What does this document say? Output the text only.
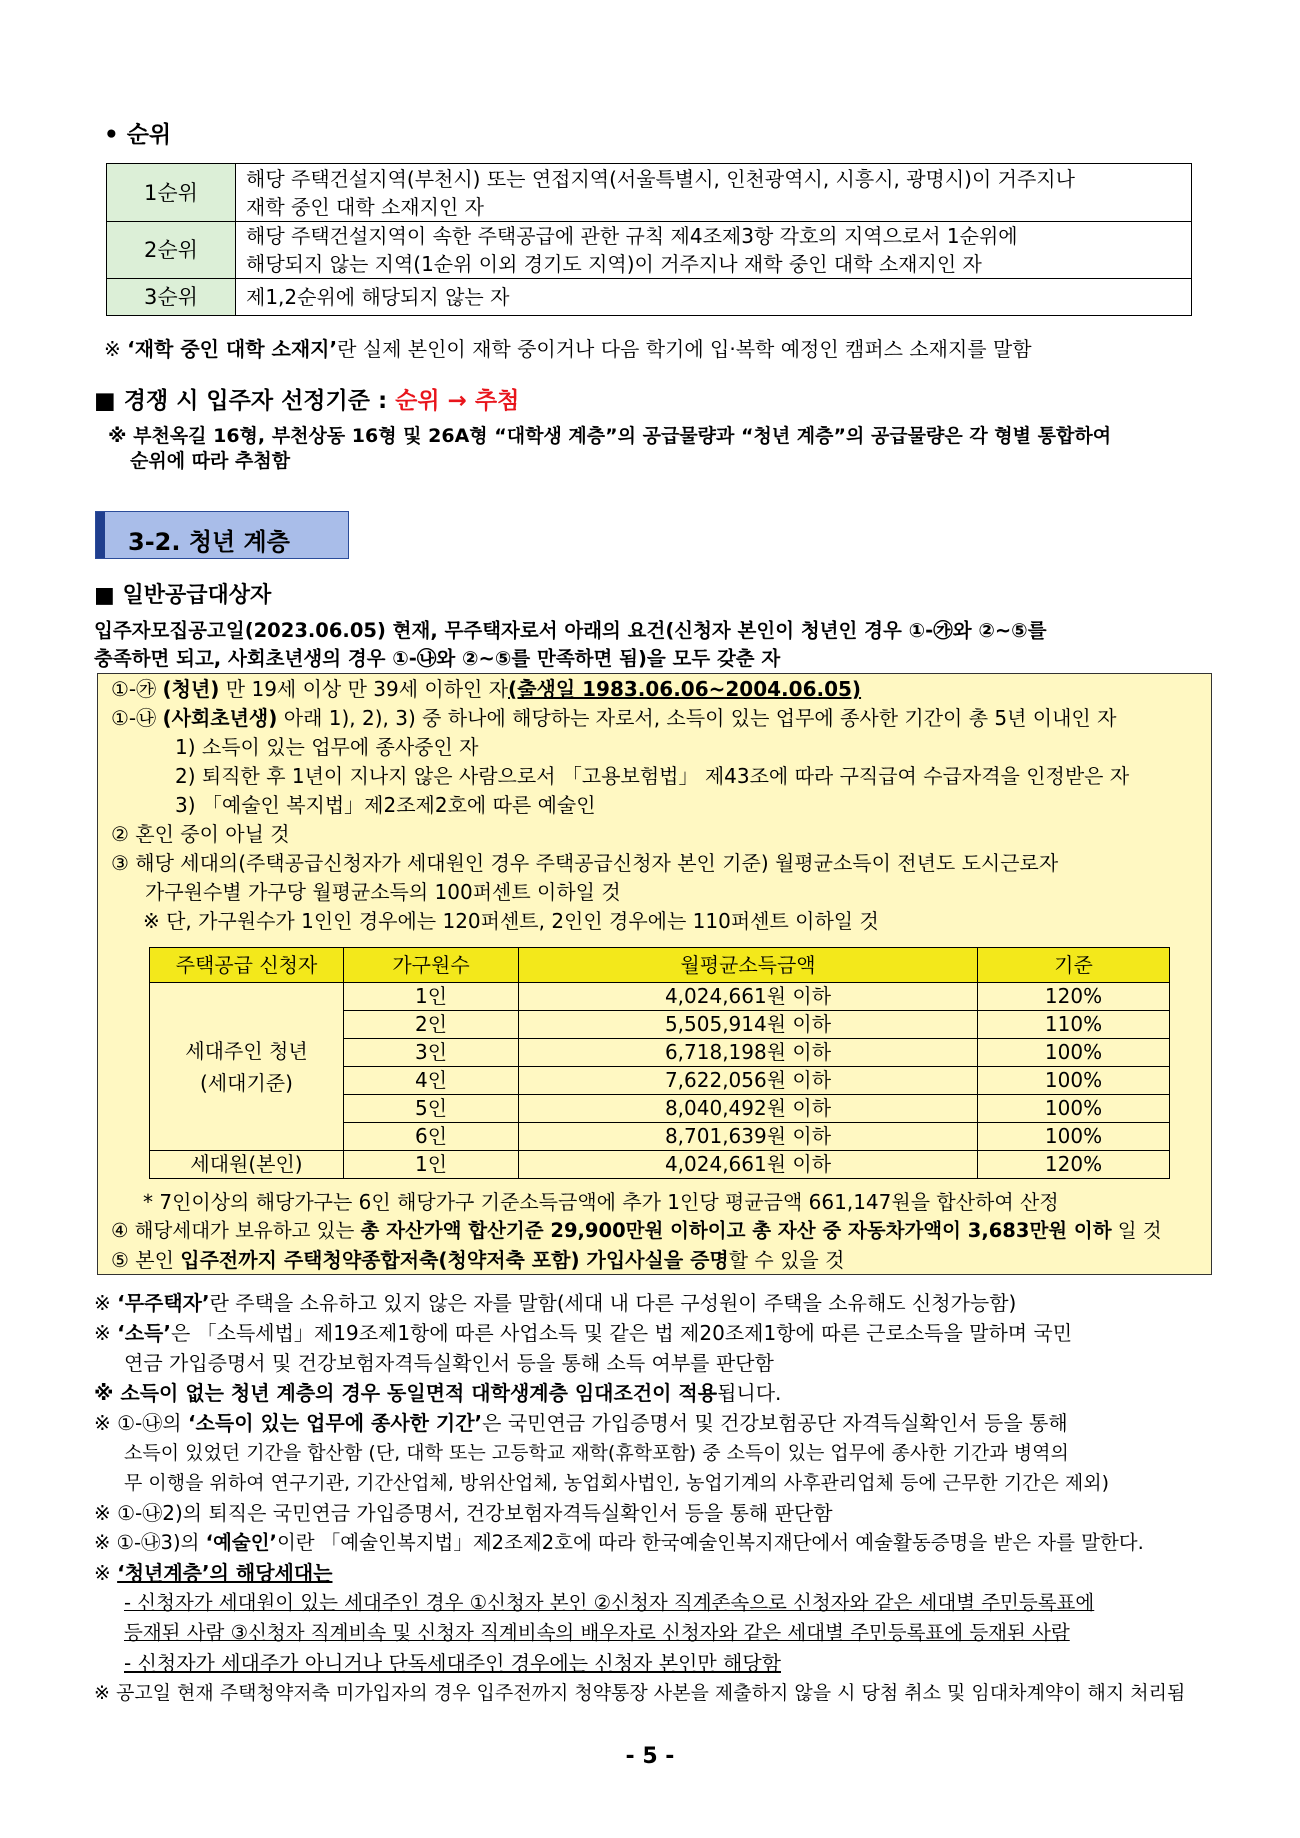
• 순위
1순위	해당 주택건설지역(부천시) 또는 연접지역(서울특별시, 인천광역시, 시흥시, 광명시)이 거주지나
재학 중인 대학 소재지인 자

2순위	해당 주택건설지역이 속한 주택공급에 관한 규칙 제4조제3항 각호의 지역으로서 1순위에
해당되지 않는 지역(1순위 이외 경기도 지역)이 거주지나 재학 중인 대학 소재지인 자

3순위	제1,2순위에 해당되지 않는 자
※ ‘재학 중인 대학 소재지’란 실제 본인이 재학 중이거나 다음 학기에 입·복학 예정인 캠퍼스 소재지를 말함
■ 경쟁 시 입주자 선정기준 : 순위 → 추첨
※ 부천옥길 16형, 부천상동 16형 및 26A형 “대학생 계층”의 공급물량과 “청년 계층”의 공급물량은 각 형별 통합하여
순위에 따라 추첨함
3-2. 청년 계층
■ 일반공급대상자
입주자모집공고일(2023.06.05) 현재, 무주택자로서 아래의 요건(신청자 본인이 청년인 경우 ①-㉮와 ②~⑤를
충족하면 되고, 사회초년생의 경우 ①-㉯와 ②~⑤를 만족하면 됨)을 모두 갖춘 자
①-㉮ (청년) 만 19세 이상 만 39세 이하인 자(출생일 1983.06.06~2004.06.05)
①-㉯ (사회초년생) 아래 1), 2), 3) 중 하나에 해당하는 자로서, 소득이 있는 업무에 종사한 기간이 총 5년 이내인 자
1) 소득이 있는 업무에 종사중인 자
2) 퇴직한 후 1년이 지나지 않은 사람으로서 「고용보험법」 제43조에 따라 구직급여 수급자격을 인정받은 자
3) 「예술인 복지법」제2조제2호에 따른 예술인
② 혼인 중이 아닐 것
③ 해당 세대의(주택공급신청자가 세대원인 경우 주택공급신청자 본인 기준) 월평균소득이 전년도 도시근로자
가구원수별 가구당 월평균소득의 100퍼센트 이하일 것
※ 단, 가구원수가 1인인 경우에는 120퍼센트, 2인인 경우에는 110퍼센트 이하일 것
주택공급 신청자	가구원수	월평균소득금액	기준

세대주인 청년
(세대기준)	1인	4,024,661원 이하	120%
	2인	5,505,914원 이하	110%
	3인	6,718,198원 이하	100%
	4인	7,622,056원 이하	100%
	5인	8,040,492원 이하	100%
	6인	8,701,639원 이하	100%
세대원(본인)	1인	4,024,661원 이하	120%
* 7인이상의 해당가구는 6인 해당가구 기준소득금액에 추가 1인당 평균금액 661,147원을 합산하여 산정
④ 해당세대가 보유하고 있는 총 자산가액 합산기준 29,900만원 이하이고 총 자산 중 자동차가액이 3,683만원 이하 일 것
⑤ 본인 입주전까지 주택청약종합저축(청약저축 포함) 가입사실을 증명할 수 있을 것
※ ‘무주택자’란 주택을 소유하고 있지 않은 자를 말함(세대 내 다른 구성원이 주택을 소유해도 신청가능함)
※ ‘소득’은 「소득세법」제19조제1항에 따른 사업소득 및 같은 법 제20조제1항에 따른 근로소득을 말하며 국민
연금 가입증명서 및 건강보험자격득실확인서 등을 통해 소득 여부를 판단함
※ 소득이 없는 청년 계층의 경우 동일면적 대학생계층 임대조건이 적용됩니다.
※ ①-㉯의 ‘소득이 있는 업무에 종사한 기간’은 국민연금 가입증명서 및 건강보험공단 자격득실확인서 등을 통해
소득이 있었던 기간을 합산함 (단, 대학 또는 고등학교 재학(휴학포함) 중 소득이 있는 업무에 종사한 기간과 병역의
무 이행을 위하여 연구기관, 기간산업체, 방위산업체, 농업회사법인, 농업기계의 사후관리업체 등에 근무한 기간은 제외)
※ ①-㉯2)의 퇴직은 국민연금 가입증명서, 건강보험자격득실확인서 등을 통해 판단함
※ ①-㉯3)의 ‘예술인’이란 「예술인복지법」제2조제2호에 따라 한국예술인복지재단에서 예술활동증명을 받은 자를 말한다.
※ ‘청년계층’의 해당세대는
- 신청자가 세대원이 있는 세대주인 경우 ①신청자 본인 ②신청자 직계존속으로 신청자와 같은 세대별 주민등록표에
등재된 사람 ③신청자 직계비속 및 신청자 직계비속의 배우자로 신청자와 같은 세대별 주민등록표에 등재된 사람
- 신청자가 세대주가 아니거나 단독세대주인 경우에는 신청자 본인만 해당함
※ 공고일 현재 주택청약저축 미가입자의 경우 입주전까지 청약통장 사본을 제출하지 않을 시 당첨 취소 및 임대차계약이 해지 처리됨
- 5 -
